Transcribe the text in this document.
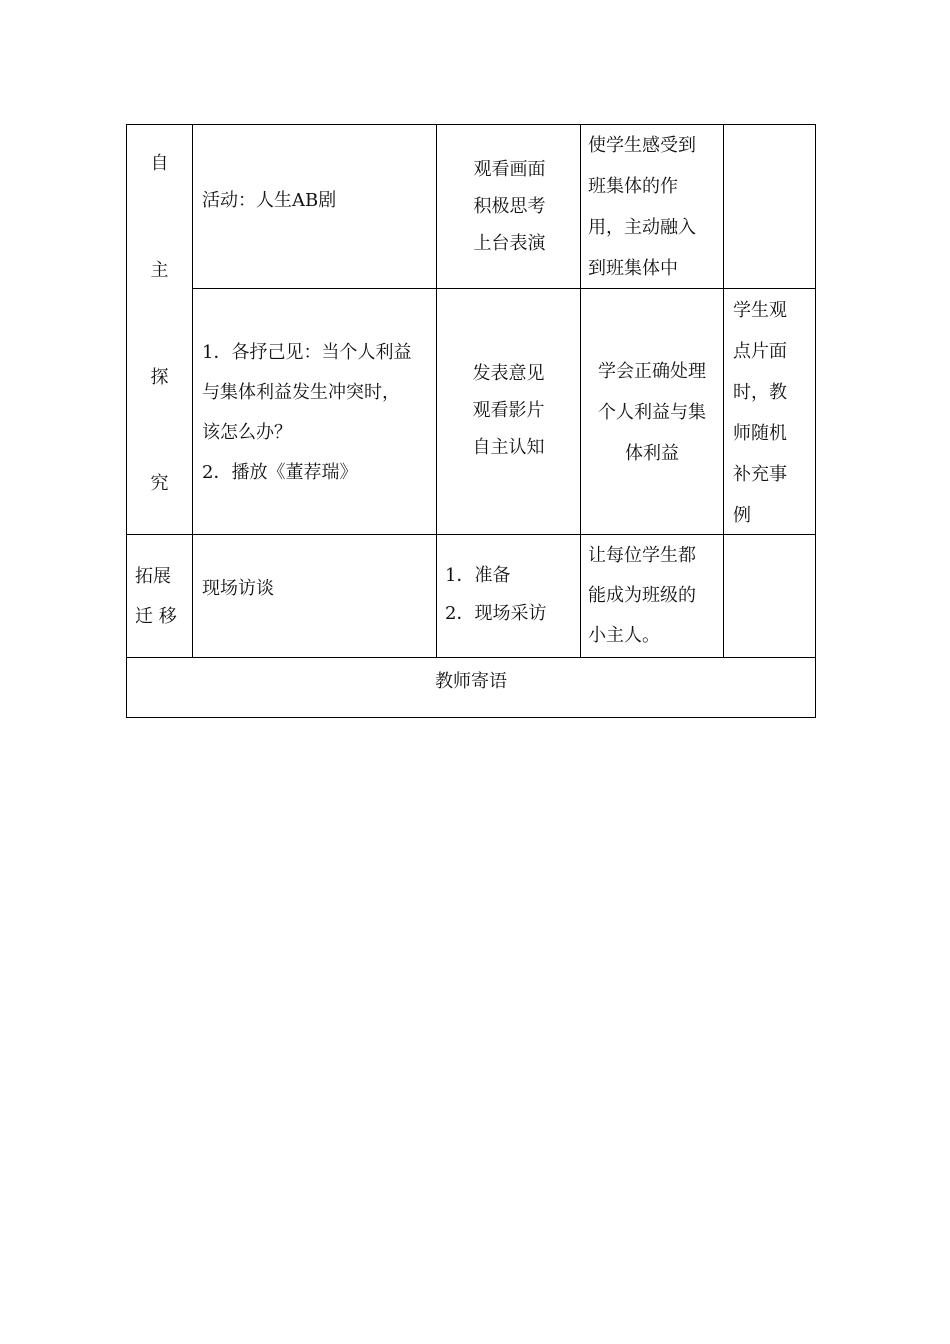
自
主
探
究
活动：人生AB剧
观看画面
积极思考
上台表演
使学生感受到
班集体的作
用，主动融入
到班集体中
1．各抒己见：当个人利益
与集体利益发生冲突时，
该怎么办？
2．播放《董荐瑞》
发表意见
观看影片
自主认知
学会正确处理
个人利益与集
体利益
学生观
点片面
时，教
师随机
补充事
例
拓展
迁 移
现场访谈
1．准备
2．现场采访
让每位学生都
能成为班级的
小主人。
教师寄语
